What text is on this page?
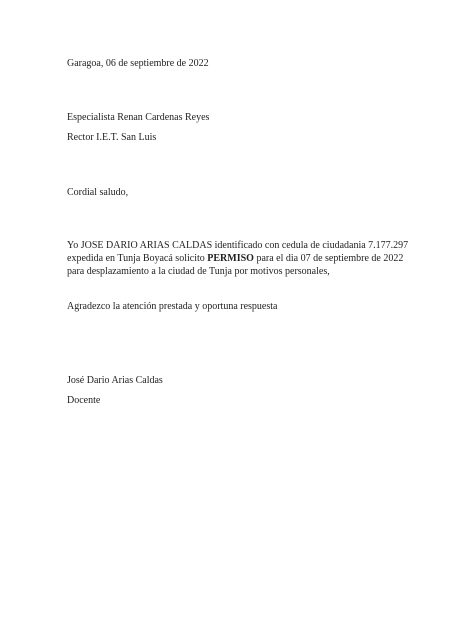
Garagoa, 06 de septiembre de 2022
Especialista Renan Cardenas Reyes
Rector I.E.T. San Luis
Cordial saludo,
Yo JOSE DARIO ARIAS CALDAS identificado con cedula de ciudadania 7.177.297 expedida en Tunja Boyacá solicito PERMISO para el dia 07 de septiembre de 2022 para desplazamiento a la ciudad de Tunja por motivos personales,
Agradezco la atención prestada y oportuna respuesta
José Dario Arias Caldas
Docente
